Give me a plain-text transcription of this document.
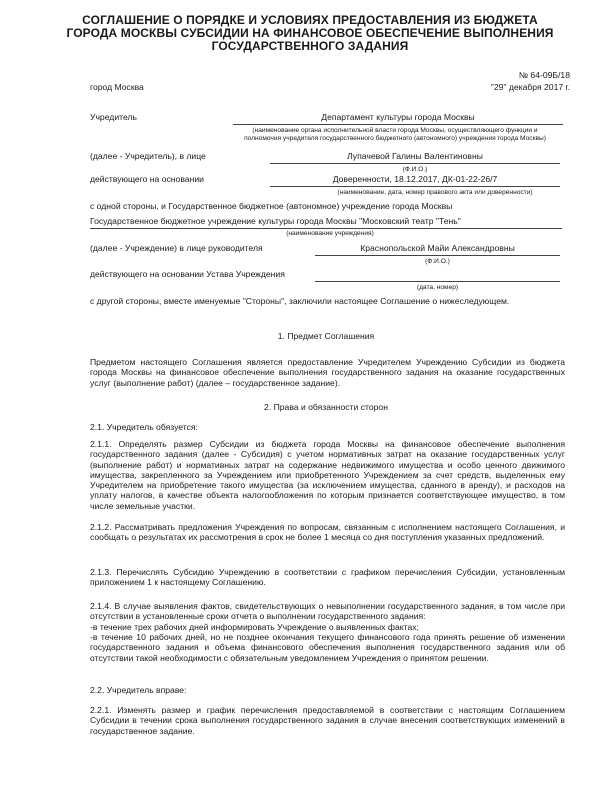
СОГЛАШЕНИЕ О ПОРЯДКЕ И УСЛОВИЯХ ПРЕДОСТАВЛЕНИЯ ИЗ БЮДЖЕТА ГОРОДА МОСКВЫ СУБСИДИИ НА ФИНАНСОВОЕ ОБЕСПЕЧЕНИЕ ВЫПОЛНЕНИЯ ГОСУДАРСТВЕННОГО ЗАДАНИЯ
№ 64-09Б/18
город Москва	"29" декабря 2017 г.
Учредитель	Департамент культуры города Москвы
(наименование органа исполнительной власти города Москвы, осуществляющего функции и
полномочия учредителя государственного бюджетного (автономного) учреждения города Москвы)
(далее - Учредитель), в лице	Лупачевой Галины Валентиновны
(Ф.И.О.)
действующего на основании	Доверенности, 18.12.2017, ДК-01-22-26/7
(наименование, дата, номер правового акта или доверенности)
с одной стороны, и Государственное бюджетное (автономное) учреждение города Москвы
Государственное бюджетное учреждение культуры города Москвы "Московский театр "Тень"
(наименование учреждения)
(далее - Учреждение) в лице руководителя	Краснопольской Майи Александровны
(Ф.И.О.)
действующего на основании Устава Учреждения
(дата, номер)
с другой стороны, вместе именуемые "Стороны", заключили настоящее Соглашение о нижеследующем.
1. Предмет Соглашения
Предметом настоящего Соглашения является предоставление Учредителем Учреждению Субсидии из бюджета города Москвы на финансовое обеспечение выполнения государственного задания на оказание государственных услуг (выполнение работ) (далее – государственное задание).
2. Права и обязанности сторон
2.1. Учредитель обязуется:
2.1.1. Определять размер Субсидии из бюджета города Москвы на финансовое обеспечение выполнения государственного задания (далее - Субсидия) с учетом нормативных затрат на оказание государственных услуг (выполнение работ) и нормативных затрат на содержание недвижимого имущества и особо ценного движимого имущества, закрепленного за Учреждением или приобретенного Учреждением за счет средств, выделенных ему Учредителем на приобретение такого имущества (за исключением имущества, сданного в аренду), и расходов на уплату налогов, в качестве объекта налогообложения по которым признается соответствующее имущество, в том числе земельные участки.
2.1.2. Рассматривать предложения Учреждения по вопросам, связанным с исполнением настоящего Соглашения, и сообщать о результатах их рассмотрения в срок не более 1 месяца со дня поступления указанных предложений.
2.1.3. Перечислять Субсидию Учреждению в соответствии с графиком перечисления Субсидии, установленным приложением 1 к настоящему Соглашению.
2.1.4. В случае выявления фактов, свидетельствующих о невыполнении государственного задания, в том числе при отсутствии в установленные сроки отчета о выполнении государственного задания:
-в течение трех рабочих дней информировать Учреждение о выявленных фактах;
-в течение 10 рабочих дней, но не позднее окончания текущего финансового года принять решение об изменении государственного задания и объема финансового обеспечения выполнения государственного задания или об отсутствии такой необходимости с обязательным уведомлением Учреждения о принятом решении.
2.2. Учредитель вправе:
2.2.1. Изменять размер и график перечисления предоставляемой в соответствии с настоящим Соглашением Субсидии в течении срока выполнения государственного задания в случае внесения соответствующих изменений в государственное задание.
